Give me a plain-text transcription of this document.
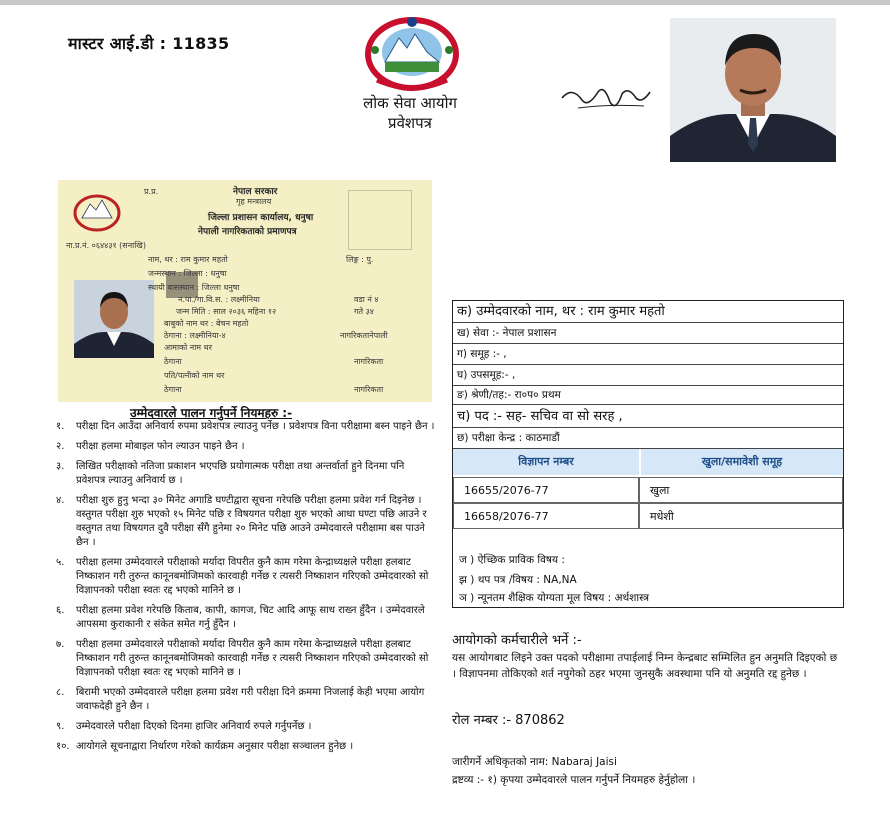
मास्टर आई.डी : 11835
लोक सेवा आयोग
प्रवेशपत्र
प्र.प्र.	नेपाल सरकार
गृह मन्त्रालय
जिल्ला प्रशासन कार्यालय, धनुषा
नेपाली नागरिकताको प्रमाणपत्र
ना.प्र.नं. ०६४४३१ (सनाखि)
नाम, थर : राम कुमार महतो	लिङ्ग : पु.
जन्मस्थान : जिल्ला : धनुषा
स्थायी बासस्थान : जिल्ला धनुषा
न.पा./गा.वि.स. : लक्ष्मीनिया	वडा नं ४
जन्म मिति : साल २०३६ महिना १२	गते ३४
बाबुको नाम थर : बेचन महतो
ठेगाना : लक्ष्मीनिया-४	नागरिकतानेपाली
आमाको नाम थर
ठेगाना	नागरिकता
पति/पत्नीको नाम थर
ठेगाना	नागरिकता
उम्मेदवारले पालन गर्नुपर्ने नियमहरु :-
१.	परीक्षा दिन आउँदा अनिवार्य रुपमा प्रवेशपत्र ल्याउनु पर्नेछ । प्रवेशपत्र विना परीक्षामा बस्न पाइने छैन ।
२.	परीक्षा हलमा मोबाइल फोन ल्याउन पाइने छैन ।
३.	लिखित परीक्षाको नतिजा प्रकाशन भएपछि प्रयोगात्मक परीक्षा तथा अन्तर्वार्ता हुने दिनमा पनि प्रवेशपत्र ल्याउनु अनिवार्य छ ।
४.	परीक्षा शुरु हुनु भन्दा ३० मिनेट अगाडि घण्टीद्वारा सूचना गरेपछि परीक्षा हलमा प्रवेश गर्न दिइनेछ । वस्तुगत परीक्षा शुरु भएको १५ मिनेट पछि र विषयगत परीक्षा शुरु भएको आधा घण्टा पछि आउने र वस्तुगत तथा विषयगत दुवै परीक्षा सँगै हुनेमा २० मिनेट पछि आउने उम्मेदवारले परीक्षामा बस पाउने छैन ।
५.	परीक्षा हलमा उम्मेदवारले परीक्षाको मर्यादा विपरीत कुनै काम गरेमा केन्द्राध्यक्षले परीक्षा हलबाट निष्काशन गरी तुरुन्त कानूनबमोजिमको कारवाही गर्नेछ र त्यसरी निष्काशन गरिएको उम्मेदवारको सो विज्ञापनको परीक्षा स्वतः रद्द भएको मानिने छ ।
६.	परीक्षा हलमा प्रवेश गरेपछि किताब, कापी, कागज, चिट आदि आफू साथ राख्न हुँदैन । उम्मेदवारले आपसमा कुराकानी र संकेत समेत गर्नु हुँदैन ।
७.	परीक्षा हलमा उम्मेदवारले परीक्षाको मर्यादा विपरीत कुनै काम गरेमा केन्द्राध्यक्षले परीक्षा हलबाट निष्काशन गरी तुरुन्त कानूनबमोजिमको कारवाही गर्नेछ र त्यसरी निष्काशन गरिएको उम्मेदवारको सो विज्ञापनको परीक्षा स्वतः रद्द भएको मानिने छ ।
८.	बिरामी भएको उम्मेदवारले परीक्षा हलमा प्रवेश गरी परीक्षा दिने क्रममा निजलाई केही भएमा आयोग जवाफदेही हुने छैन ।
९.	उम्मेदवारले परीक्षा दिएको दिनमा हाजिर अनिवार्य रुपले गर्नुपर्नेछ ।
१०. आयोगले सूचनाद्वारा निर्धारण गरेको कार्यक्रम अनुसार परीक्षा सञ्चालन हुनेछ ।
क) उम्मेदवारको नाम, थर : राम कुमार महतो
ख) सेवा :- नेपाल प्रशासन
ग) समूह :- ,
घ) उपसमूह:- ,
ङ) श्रेणी/तह:- रा०प० प्रथम
च) पद :- सह- सचिव वा सो सरह ,
छ) परीक्षा केन्द्र : काठमाडौं
विज्ञापन नम्बर	खुला/समावेशी समूह
16655/2076-77	खुला
16658/2076-77	मधेशी
ज ) ऐच्छिक प्राविक विषय :
झ ) थप पत्र /विषय : NA,NA
ञ ) न्यूनतम शैक्षिक योग्यता मूल विषय : अर्थशास्त्र
आयोगको कर्मचारीले भर्ने :-
यस आयोगबाट लिइने उक्त पदको परीक्षामा तपाईलाई निम्न केन्द्रबाट सम्मिलित हुन अनुमति दिइएको छ । विज्ञापनमा तोकिएको शर्त नपुगेको ठहर भएमा जुनसुकै अवस्थामा पनि यो अनुमति रद्द हुनेछ ।
रोल नम्बर :- 870862
जारीगर्ने अधिकृतको नाम: Nabaraj Jaisi
द्रष्टव्य :- १) कृपया उम्मेदवारले पालन गर्नुपर्ने नियमहरु हेर्नुहोला ।
